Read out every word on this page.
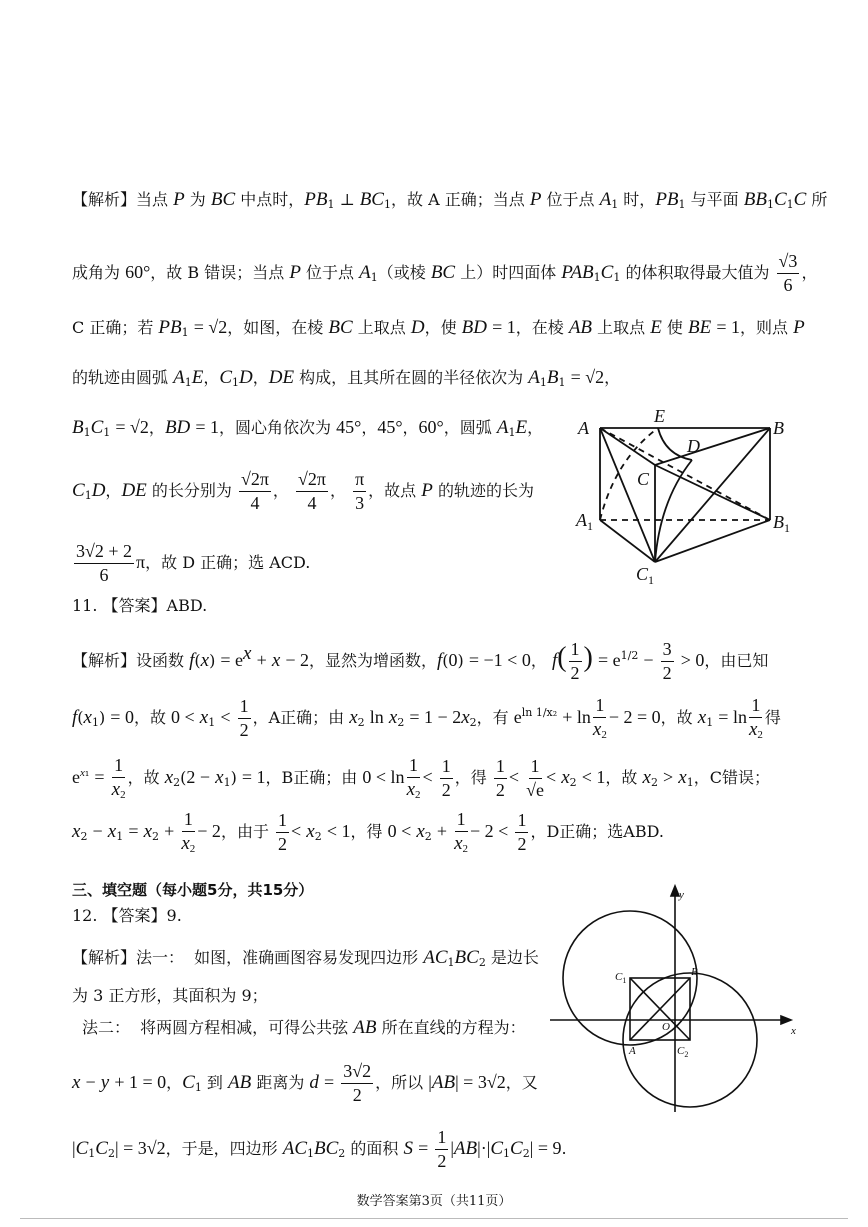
【解析】当点 P 为 BC 中点时，$PB_1$ ⊥ $BC_1$，故 A 正确；当点 P 位于点 $A_1$ 时，$PB_1$ 与平面 $BB_1C_1C$ 所
成角为 60°，故 B 错误；当点 P 位于点 $A_1$（或棱 BC 上）时四面体 $PAB_1C_1$ 的体积取得最大值为 $\frac{√3}{6}$ ，
C 正确；若 $PB_1 = √2$，如图，在棱 BC 上取点 D，使 BD = 1，在棱 AB 上取点 E 使 BE = 1，则点 P
的轨迹由圆弧 $A_1E$，$C_1D$，DE 构成，且其所在圆的半径依次为 $A_1B_1 = √2$，
$B_1C_1 = √2$，BD = 1，圆心角依次为 45°，45°，60°，圆弧 $A_1E$，
$C_1D$，DE 的长分别为 $\frac{√2\pi}{4}$ ， $\frac{√2\pi}{4}$ ， $\frac{\pi}{3}$ ，故点 P 的轨迹的长为
$\frac{3√2 + 2}{6}$ π，故 D 正确；选 ACD.
A
E
B
D
C
$A_1$	$B_1$
$C_1$
11. 【答案】ABD.
【解析】设函数 $f(x) = e^x + x - 2$，显然为增函数，f(0) = −1 < 0， $f( \frac{1}{2}$ ) = $e^{1/2} - \frac{3}{2} > 0$，由已知
$f(x_1) = 0$，故 $0 < x_1 < \frac{1}{2}$ ，A正确；由 $x_2$ $\ln x_2 = 1 - 2x_2$，有 $e^{ln 1/x_2} + \ln \frac{1}{x_2} - 2 = 0$，故 $x_1 = \ln \frac{1}{x_2}$ 得
$e^{x_1} = \frac{1}{x_2}$ ，故 $x_2(2 - x_1) = 1$，B正确；由 $0 < \ln \frac{1}{x_2} < \frac{1}{2}$ ，得 $\frac{1}{2} < \frac{1}{√e} < x_2 < 1$，故 $x_2 > x_1$，C错误；
$x_2 - x_1 = x_2 + \frac{1}{x_2} - 2$，由于 $\frac{1}{2} < x_2 < 1$，得 $0 < x_2 + \frac{1}{x_2} - 2 < \frac{1}{2}$ ，D正确；选ABD.
三、填空题（每小题5分，共15分）
12. 【答案】9.
【解析】法一：  如图，准确画图容易发现四边形 $AC_1BC_2$ 是边长
为 3 正方形，其面积为 9；
法二：  将两圆方程相减，可得公共弦 AB 所在直线的方程为：
x − y + 1 = 0，$C_1$ 到 AB 距离为 $d = \frac{3√2}{2}$ ，所以 |AB| = 3√2，又
$|C_1C_2| = 3√2$，于是，四边形 $AC_1BC_2$ 的面积 $S = \frac{1}{2} |AB|\cdot|C_1C_2| = 9$.
y
x
B
$C_1$
O
A	$C_2$
数学答案第3页（共11页）
